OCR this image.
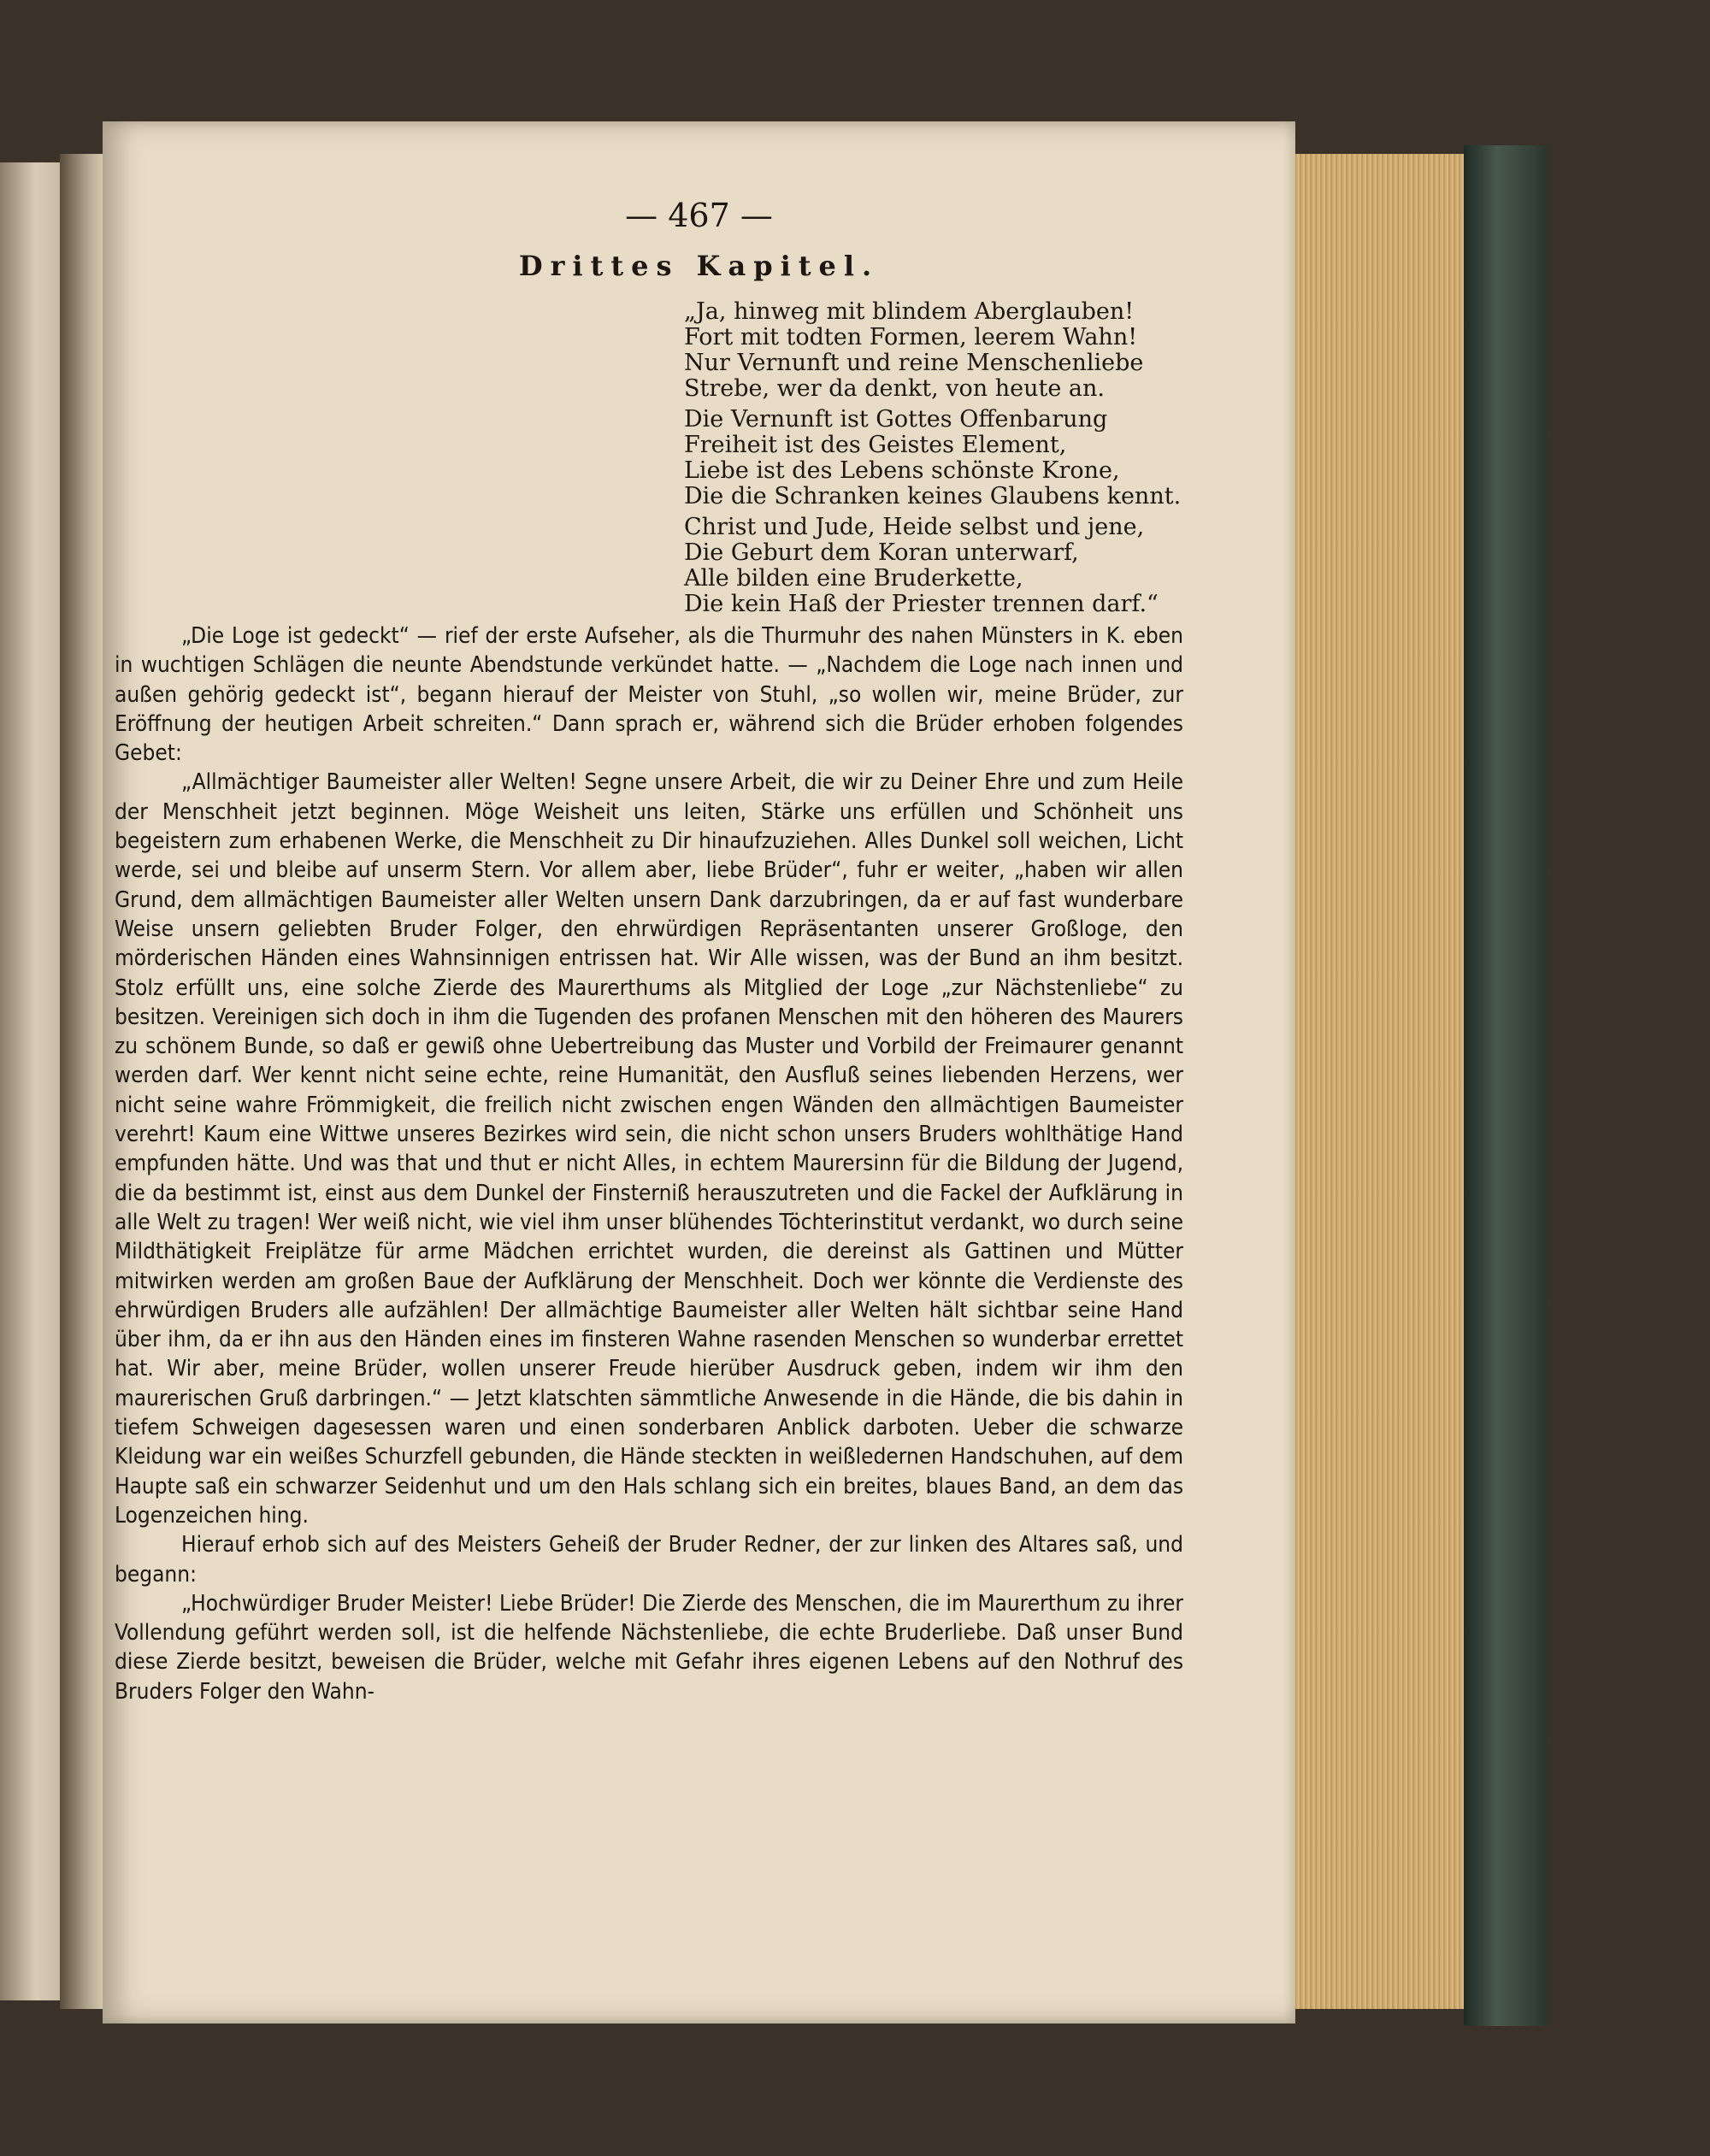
— 467 —
Drittes Kapitel.
„Ja, hinweg mit blindem Aberglauben!
Fort mit todten Formen, leerem Wahn!
Nur Vernunft und reine Menschenliebe
Strebe, wer da denkt, von heute an.
Die Vernunft ist Gottes Offenbarung
Freiheit ist des Geistes Element,
Liebe ist des Lebens schönste Krone,
Die die Schranken keines Glaubens kennt.
Christ und Jude, Heide selbst und jene,
Die Geburt dem Koran unterwarf,
Alle bilden eine Bruderkette,
Die kein Haß der Priester trennen darf.“

„Die Loge ist gedeckt“ — rief der erste Aufseher, als die Thurmuhr des nahen Münsters in K. eben in wuchtigen Schlägen die neunte Abendstunde verkündet hatte. — „Nachdem die Loge nach innen und außen gehörig gedeckt ist“, begann hierauf der Meister von Stuhl, „so wollen wir, meine Brüder, zur Eröffnung der heutigen Arbeit schreiten.“ Dann sprach er, während sich die Brüder erhoben folgendes Gebet:

„Allmächtiger Baumeister aller Welten! Segne unsere Arbeit, die wir zu Deiner Ehre und zum Heile der Menschheit jetzt beginnen. Möge Weisheit uns leiten, Stärke uns erfüllen und Schönheit uns begeistern zum erhabenen Werke, die Menschheit zu Dir hinaufzuziehen. Alles Dunkel soll weichen, Licht werde, sei und bleibe auf unserm Stern. Vor allem aber, liebe Brüder“, fuhr er weiter, „haben wir allen Grund, dem allmächtigen Baumeister aller Welten unsern Dank darzubringen, da er auf fast wunderbare Weise unsern geliebten Bruder Folger, den ehrwürdigen Repräsentanten unserer Großloge, den mörderischen Händen eines Wahnsinnigen entrissen hat. Wir Alle wissen, was der Bund an ihm besitzt. Stolz erfüllt uns, eine solche Zierde des Maurerthums als Mitglied der Loge „zur Nächstenliebe“ zu besitzen. Vereinigen sich doch in ihm die Tugenden des profanen Menschen mit den höheren des Maurers zu schönem Bunde, so daß er gewiß ohne Uebertreibung das Muster und Vorbild der Freimaurer genannt werden darf. Wer kennt nicht seine echte, reine Humanität, den Ausfluß seines liebenden Herzens, wer nicht seine wahre Frömmigkeit, die freilich nicht zwischen engen Wänden den allmächtigen Baumeister verehrt! Kaum eine Wittwe unseres Bezirkes wird sein, die nicht schon unsers Bruders wohlthätige Hand empfunden hätte. Und was that und thut er nicht Alles, in echtem Maurersinn für die Bildung der Jugend, die da bestimmt ist, einst aus dem Dunkel der Finsterniß herauszutreten und die Fackel der Aufklärung in alle Welt zu tragen! Wer weiß nicht, wie viel ihm unser blühendes Töchterinstitut verdankt, wo durch seine Mildthätigkeit Freiplätze für arme Mädchen errichtet wurden, die dereinst als Gattinen und Mütter mitwirken werden am großen Baue der Aufklärung der Menschheit. Doch wer könnte die Verdienste des ehrwürdigen Bruders alle aufzählen! Der allmächtige Baumeister aller Welten hält sichtbar seine Hand über ihm, da er ihn aus den Händen eines im finsteren Wahne rasenden Menschen so wunderbar errettet hat. Wir aber, meine Brüder, wollen unserer Freude hierüber Ausdruck geben, indem wir ihm den maurerischen Gruß darbringen.“ — Jetzt klatschten sämmtliche Anwesende in die Hände, die bis dahin in tiefem Schweigen dagesessen waren und einen sonderbaren Anblick darboten. Ueber die schwarze Kleidung war ein weißes Schurzfell gebunden, die Hände steckten in weißledernen Handschuhen, auf dem Haupte saß ein schwarzer Seidenhut und um den Hals schlang sich ein breites, blaues Band, an dem das Logenzeichen hing.

Hierauf erhob sich auf des Meisters Geheiß der Bruder Redner, der zur linken des Altares saß, und begann:

„Hochwürdiger Bruder Meister! Liebe Brüder! Die Zierde des Menschen, die im Maurerthum zu ihrer Vollendung geführt werden soll, ist die helfende Nächstenliebe, die echte Bruderliebe. Daß unser Bund diese Zierde besitzt, beweisen die Brüder, welche mit Gefahr ihres eigenen Lebens auf den Nothruf des Bruders Folger den Wahn-
